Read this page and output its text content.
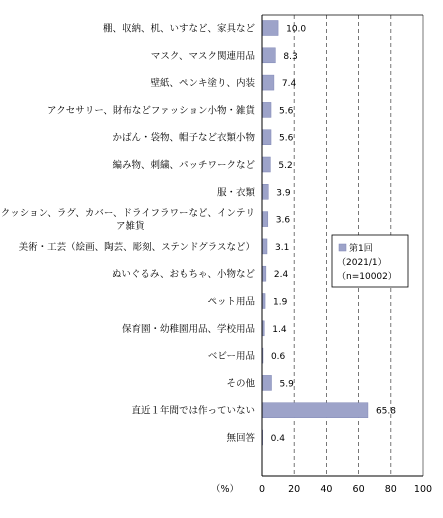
棚、収納、机、いすなど、家具など
マスク、マスク関連用品
壁紙、ペンキ塗り、内装
アクセサリー、財布などファッション小物・雑貨
かばん・袋物、帽子など衣類小物
編み物、刺繍、パッチワークなど
服・衣類
クッション、ラグ、カバー、ドライフラワーなど、インテリア雑貨
美術・工芸（絵画、陶芸、彫刻、ステンドグラスなど）
ぬいぐるみ、おもちゃ、小物など
ペット用品
保育園・幼稚園用品、学校用品
ベビー用品
その他
直近１年間では作っていない
無回答
10.0
8.3
7.4
5.6
5.6
5.2
3.9
3.6
3.1
2.4
1.9
1.4
0.6
5.9
65.8
0.4
0 20 40 60 80 100
（%）
第1回
（2021/1）
（n=10002）
